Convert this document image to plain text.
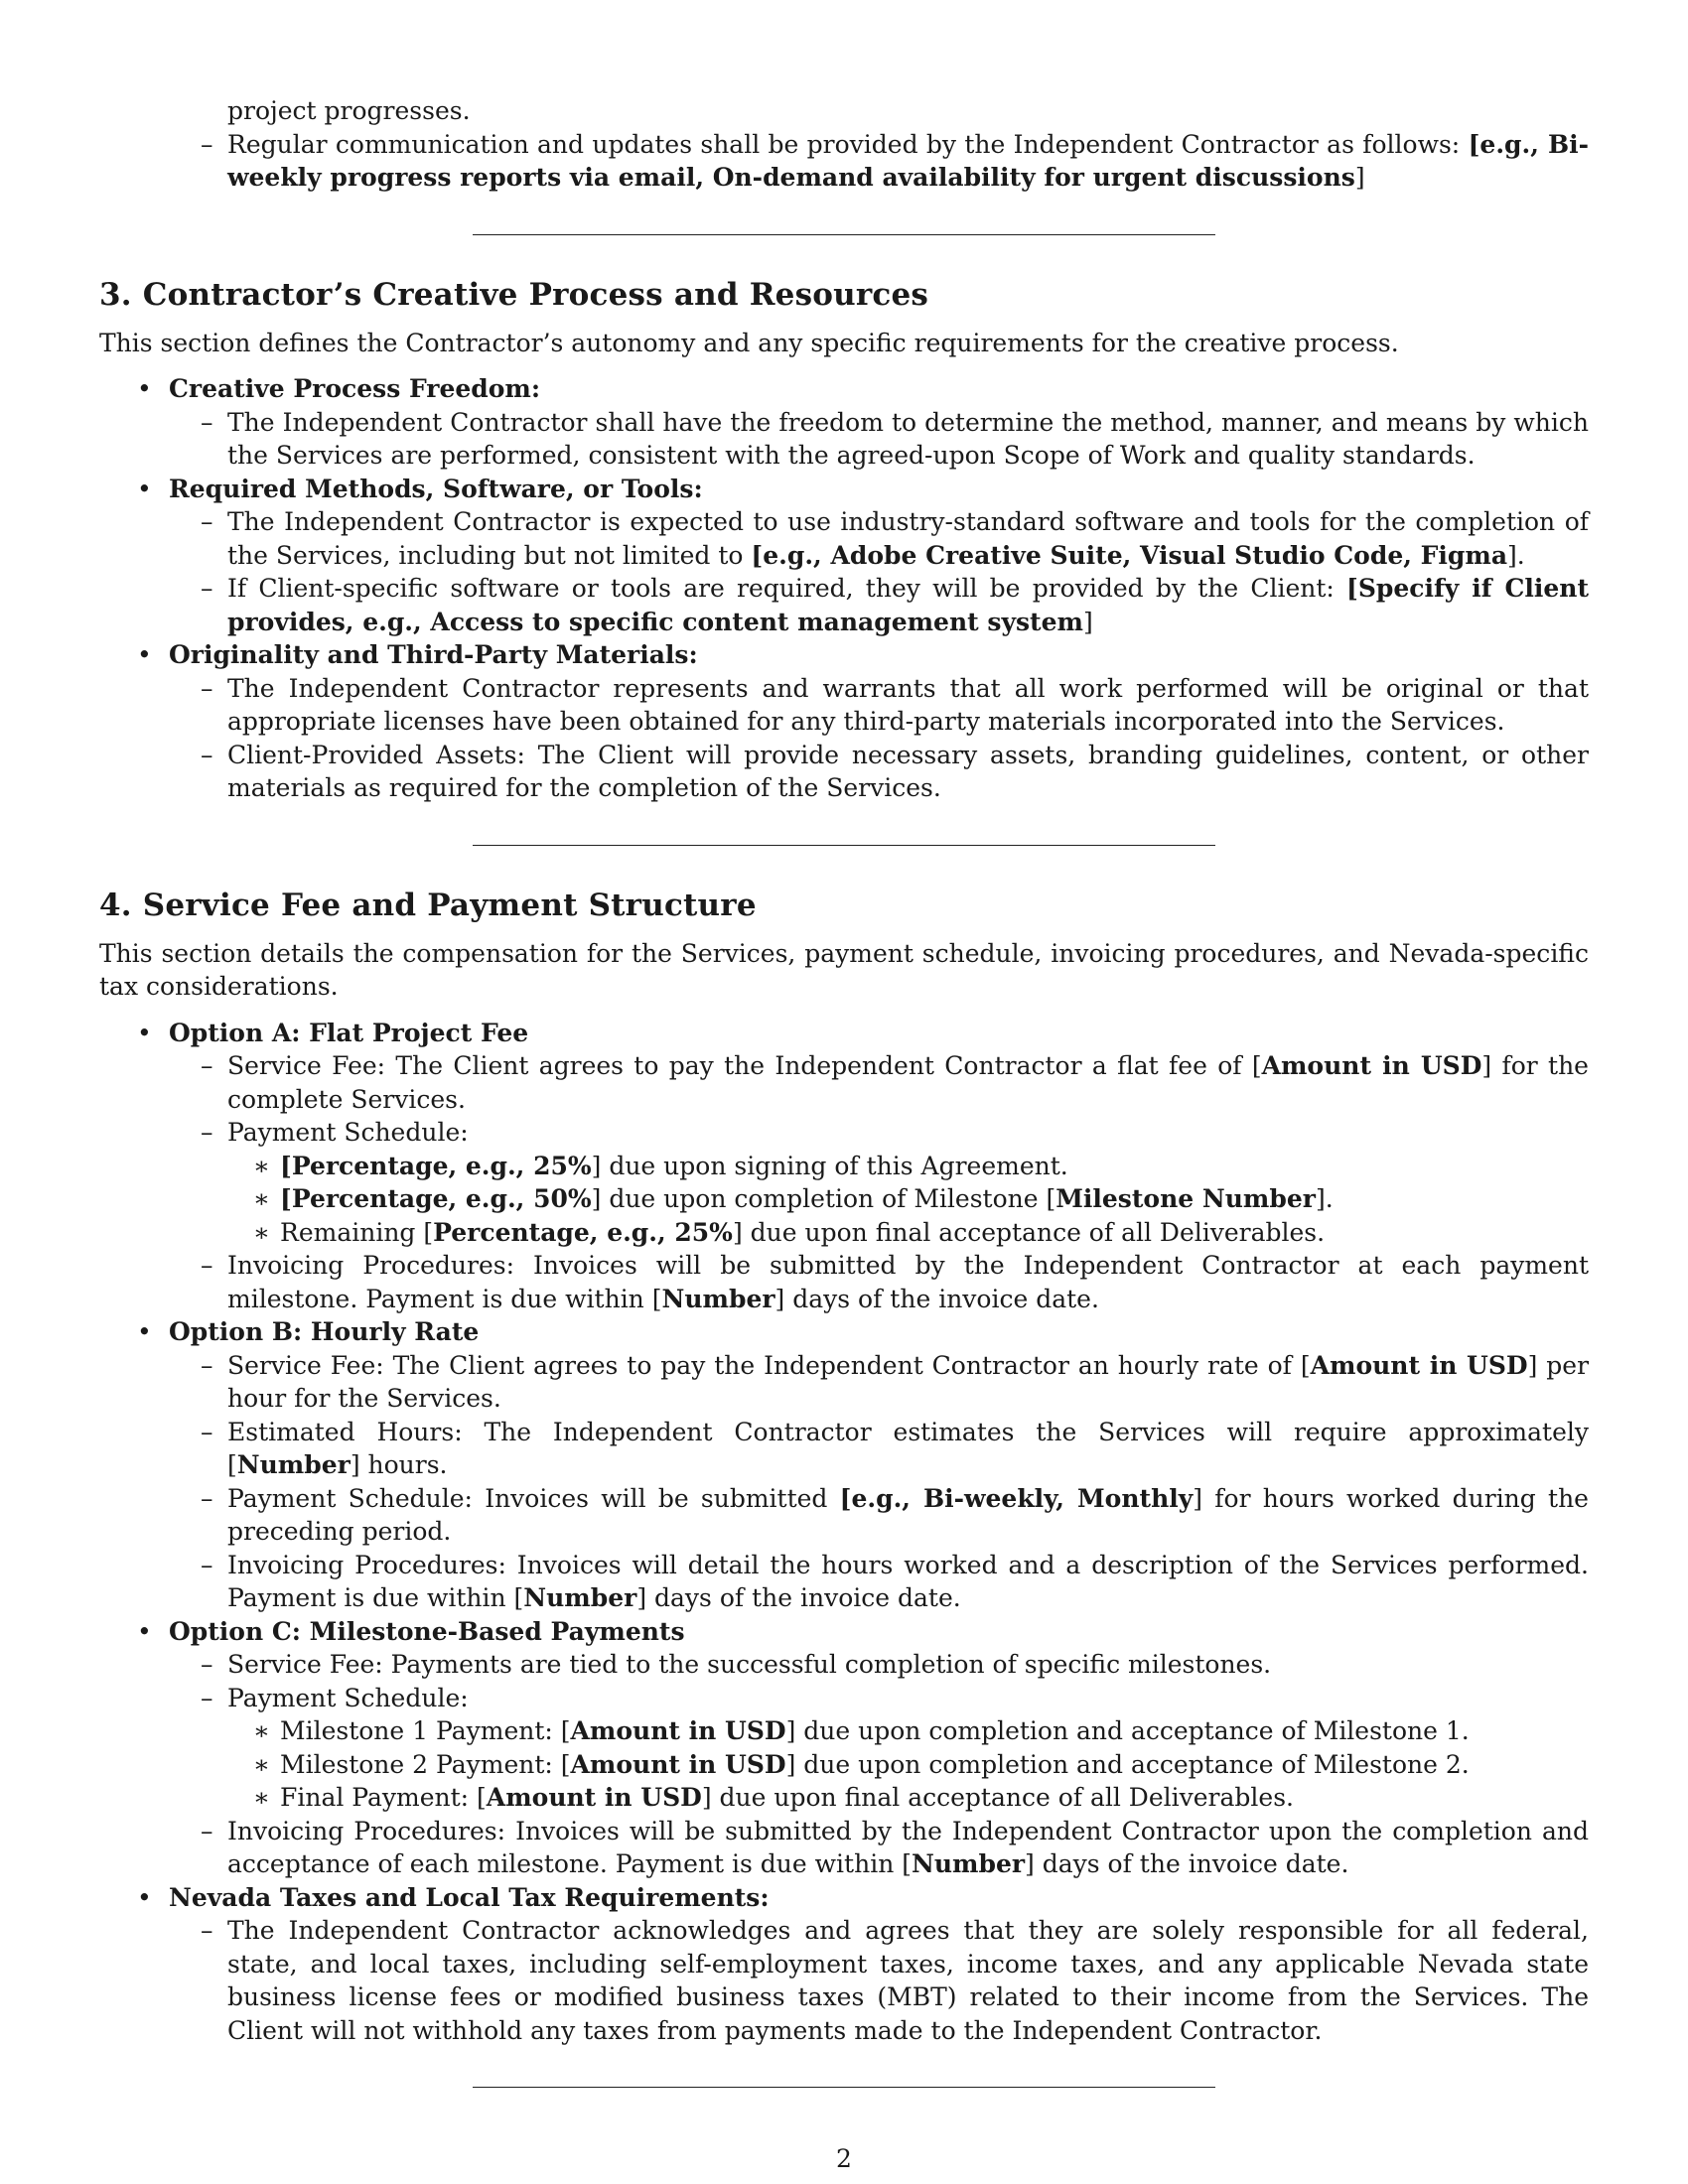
project progresses.
– Regular communication and updates shall be provided by the Independent Contractor as follows: [e.g., Bi-weekly progress reports via email, On-demand availability for urgent discussions]
3. Contractor’s Creative Process and Resources
This section defines the Contractor’s autonomy and any specific requirements for the creative process.
• Creative Process Freedom:
– The Independent Contractor shall have the freedom to determine the method, manner, and means by which the Services are performed, consistent with the agreed-upon Scope of Work and quality standards.
• Required Methods, Software, or Tools:
– The Independent Contractor is expected to use industry-standard software and tools for the completion of the Services, including but not limited to [e.g., Adobe Creative Suite, Visual Studio Code, Figma].
– If Client-specific software or tools are required, they will be provided by the Client: [Specify if Client provides, e.g., Access to specific content management system]
• Originality and Third-Party Materials:
– The Independent Contractor represents and warrants that all work performed will be original or that appropriate licenses have been obtained for any third-party materials incorporated into the Services.
– Client-Provided Assets: The Client will provide necessary assets, branding guidelines, content, or other materials as required for the completion of the Services.
4. Service Fee and Payment Structure
This section details the compensation for the Services, payment schedule, invoicing procedures, and Nevada-specific tax considerations.
• Option A: Flat Project Fee
– Service Fee: The Client agrees to pay the Independent Contractor a flat fee of [Amount in USD] for the complete Services.
– Payment Schedule:
∗ [Percentage, e.g., 25%] due upon signing of this Agreement.
∗ [Percentage, e.g., 50%] due upon completion of Milestone [Milestone Number].
∗ Remaining [Percentage, e.g., 25%] due upon final acceptance of all Deliverables.
– Invoicing Procedures: Invoices will be submitted by the Independent Contractor at each payment milestone. Payment is due within [Number] days of the invoice date.
• Option B: Hourly Rate
– Service Fee: The Client agrees to pay the Independent Contractor an hourly rate of [Amount in USD] per hour for the Services.
– Estimated Hours: The Independent Contractor estimates the Services will require approximately [Number] hours.
– Payment Schedule: Invoices will be submitted [e.g., Bi-weekly, Monthly] for hours worked during the preceding period.
– Invoicing Procedures: Invoices will detail the hours worked and a description of the Services performed. Payment is due within [Number] days of the invoice date.
• Option C: Milestone-Based Payments
– Service Fee: Payments are tied to the successful completion of specific milestones.
– Payment Schedule:
∗ Milestone 1 Payment: [Amount in USD] due upon completion and acceptance of Milestone 1.
∗ Milestone 2 Payment: [Amount in USD] due upon completion and acceptance of Milestone 2.
∗ Final Payment: [Amount in USD] due upon final acceptance of all Deliverables.
– Invoicing Procedures: Invoices will be submitted by the Independent Contractor upon the completion and acceptance of each milestone. Payment is due within [Number] days of the invoice date.
• Nevada Taxes and Local Tax Requirements:
– The Independent Contractor acknowledges and agrees that they are solely responsible for all federal, state, and local taxes, including self-employment taxes, income taxes, and any applicable Nevada state business license fees or modified business taxes (MBT) related to their income from the Services. The Client will not withhold any taxes from payments made to the Independent Contractor.
2
